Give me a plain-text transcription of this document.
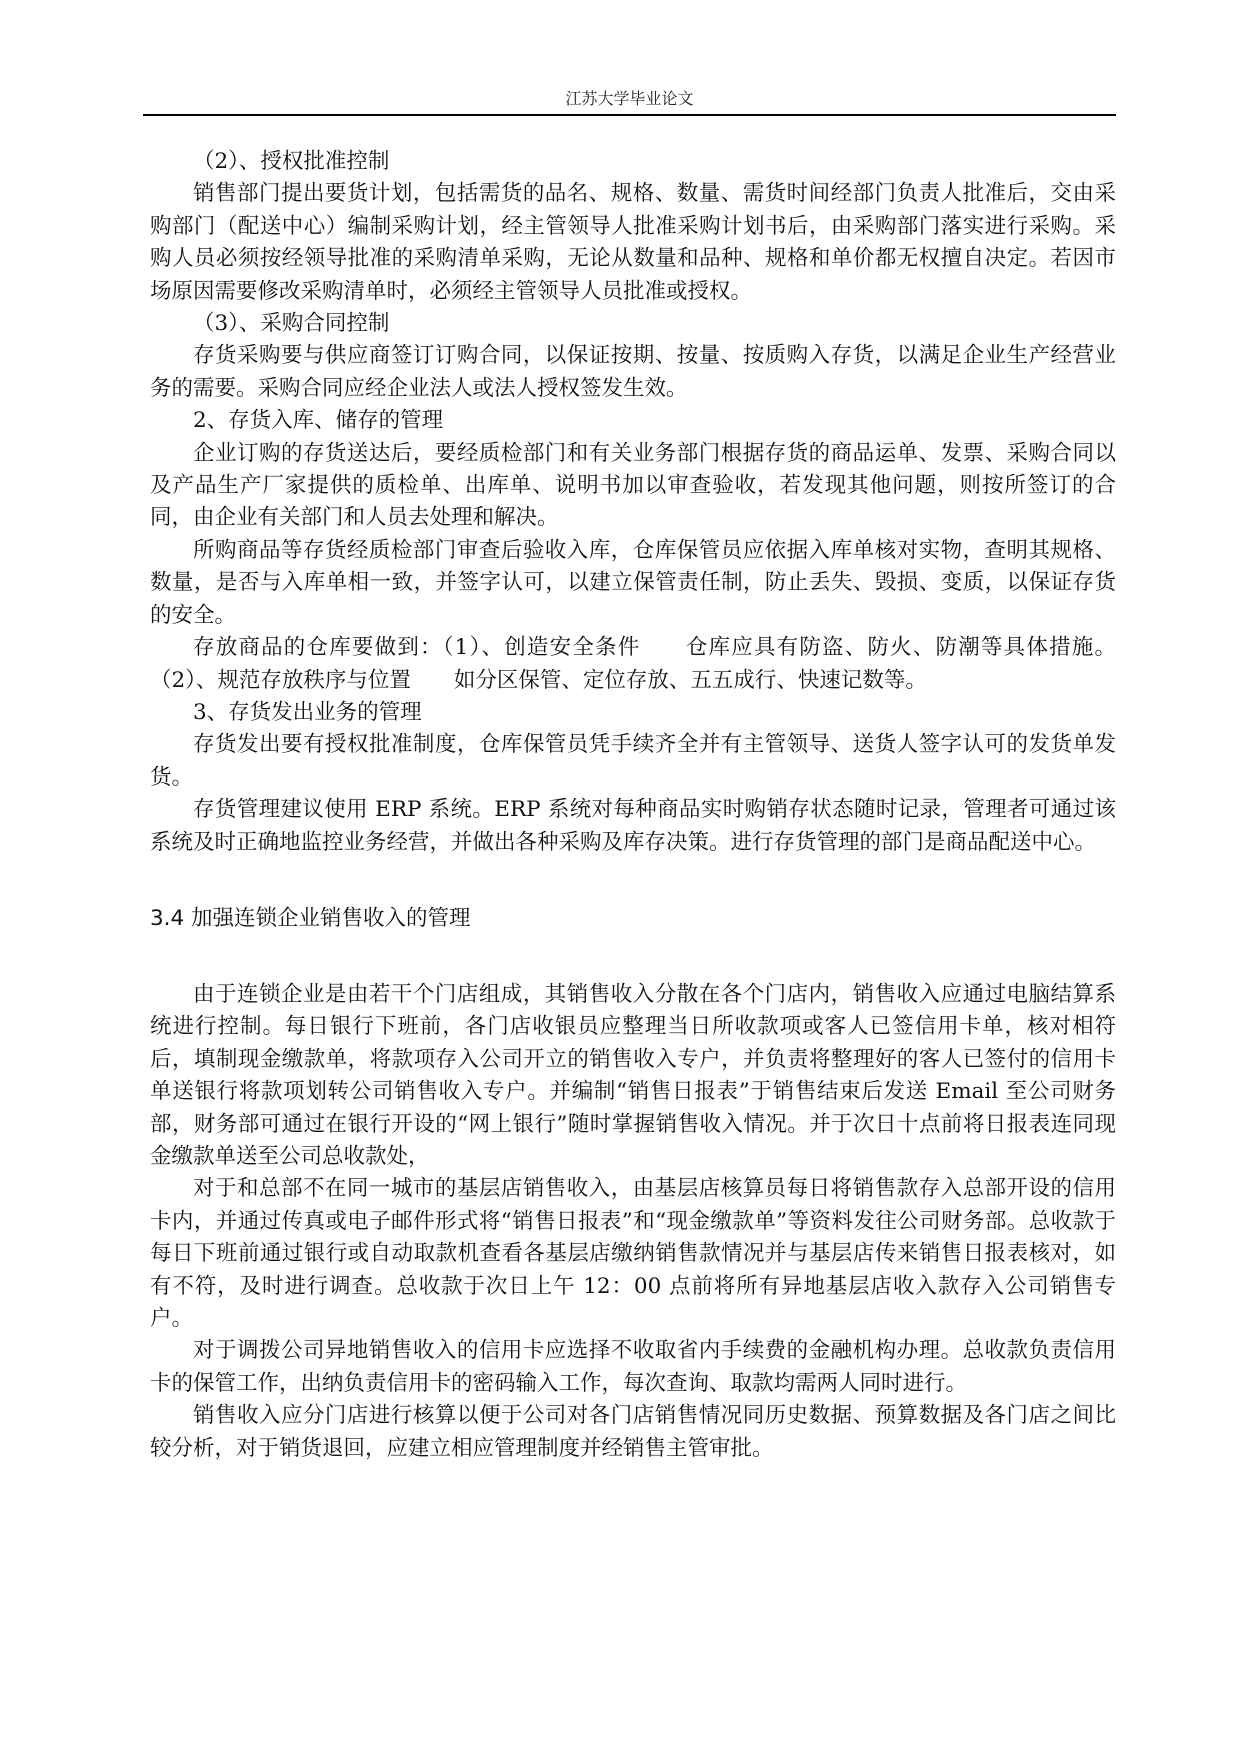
江苏大学毕业论文

（2）、授权批准控制

销售部门提出要货计划，包括需货的品名、规格、数量、需货时间经部门负责人批准后，交由采购部门（配送中心）编制采购计划，经主管领导人批准采购计划书后，由采购部门落实进行采购。采购人员必须按经领导批准的采购清单采购，无论从数量和品种、规格和单价都无权擅自决定。若因市场原因需要修改采购清单时，必须经主管领导人员批准或授权。

（3）、采购合同控制

存货采购要与供应商签订订购合同，以保证按期、按量、按质购入存货，以满足企业生产经营业务的需要。采购合同应经企业法人或法人授权签发生效。

2、存货入库、储存的管理

企业订购的存货送达后，要经质检部门和有关业务部门根据存货的商品运单、发票、采购合同以及产品生产厂家提供的质检单、出库单、说明书加以审查验收，若发现其他问题，则按所签订的合同，由企业有关部门和人员去处理和解决。

所购商品等存货经质检部门审查后验收入库，仓库保管员应依据入库单核对实物，查明其规格、数量，是否与入库单相一致，并签字认可，以建立保管责任制，防止丢失、毁损、变质，以保证存货的安全。

存放商品的仓库要做到：（1）、创造安全条件　　仓库应具有防盗、防火、防潮等具体措施。（2）、规范存放秩序与位置　　如分区保管、定位存放、五五成行、快速记数等。

3、存货发出业务的管理

存货发出要有授权批准制度，仓库保管员凭手续齐全并有主管领导、送货人签字认可的发货单发货。

存货管理建议使用 ERP 系统。ERP 系统对每种商品实时购销存状态随时记录，管理者可通过该系统及时正确地监控业务经营，并做出各种采购及库存决策。进行存货管理的部门是商品配送中心。

3.4 加强连锁企业销售收入的管理

由于连锁企业是由若干个门店组成，其销售收入分散在各个门店内，销售收入应通过电脑结算系统进行控制。每日银行下班前，各门店收银员应整理当日所收款项或客人已签信用卡单，核对相符后，填制现金缴款单，将款项存入公司开立的销售收入专户，并负责将整理好的客人已签付的信用卡单送银行将款项划转公司销售收入专户。并编制“销售日报表”于销售结束后发送 Email 至公司财务部，财务部可通过在银行开设的“网上银行”随时掌握销售收入情况。并于次日十点前将日报表连同现金缴款单送至公司总收款处，

对于和总部不在同一城市的基层店销售收入，由基层店核算员每日将销售款存入总部开设的信用卡内，并通过传真或电子邮件形式将“销售日报表”和“现金缴款单”等资料发往公司财务部。总收款于每日下班前通过银行或自动取款机查看各基层店缴纳销售款情况并与基层店传来销售日报表核对，如有不符，及时进行调查。总收款于次日上午 12：00 点前将所有异地基层店收入款存入公司销售专户。

对于调拨公司异地销售收入的信用卡应选择不收取省内手续费的金融机构办理。总收款负责信用卡的保管工作，出纳负责信用卡的密码输入工作，每次查询、取款均需两人同时进行。

销售收入应分门店进行核算以便于公司对各门店销售情况同历史数据、预算数据及各门店之间比较分析，对于销货退回，应建立相应管理制度并经销售主管审批。
